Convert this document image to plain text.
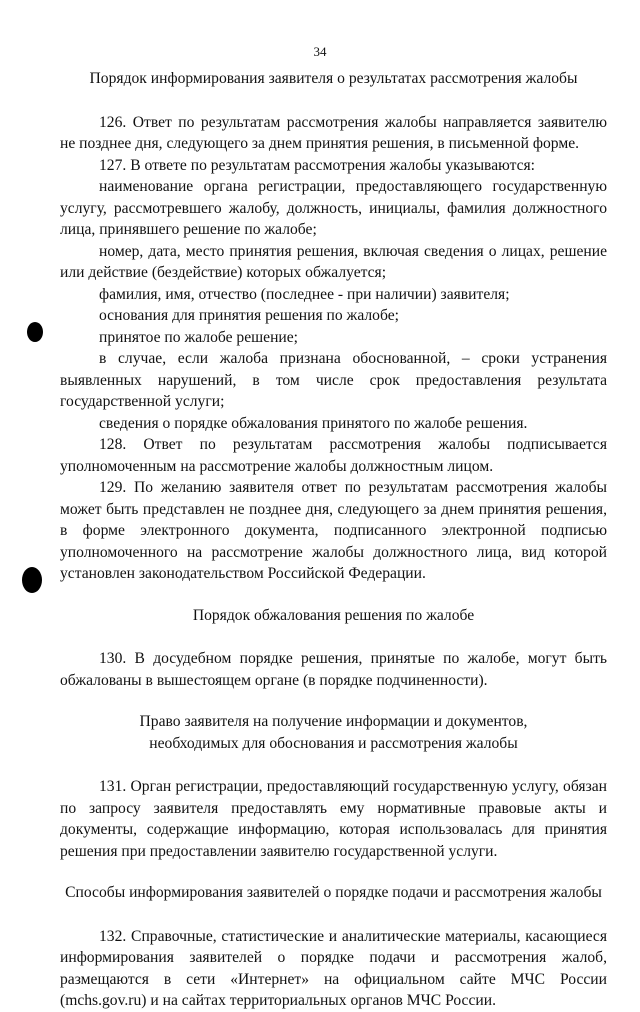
34

Порядок информирования заявителя о результатах рассмотрения жалобы

126. Ответ по результатам рассмотрения жалобы направляется заявителю не позднее дня, следующего за днем принятия решения, в письменной форме.

127. В ответе по результатам рассмотрения жалобы указываются:

наименование органа регистрации, предоставляющего государственную услугу, рассмотревшего жалобу, должность, инициалы, фамилия должностного лица, принявшего решение по жалобе;

номер, дата, место принятия решения, включая сведения о лицах, решение или действие (бездействие) которых обжалуется;

фамилия, имя, отчество (последнее - при наличии) заявителя;

основания для принятия решения по жалобе;

принятое по жалобе решение;

в случае, если жалоба признана обоснованной, – сроки устранения выявленных нарушений, в том числе срок предоставления результата государственной услуги;

сведения о порядке обжалования принятого по жалобе решения.

128. Ответ по результатам рассмотрения жалобы подписывается уполномоченным на рассмотрение жалобы должностным лицом.

129. По желанию заявителя ответ по результатам рассмотрения жалобы может быть представлен не позднее дня, следующего за днем принятия решения, в форме электронного документа, подписанного электронной подписью уполномоченного на рассмотрение жалобы должностного лица, вид которой установлен законодательством Российской Федерации.

Порядок обжалования решения по жалобе

130. В досудебном порядке решения, принятые по жалобе, могут быть обжалованы в вышестоящем органе (в порядке подчиненности).

Право заявителя на получение информации и документов,

необходимых для обоснования и рассмотрения жалобы

131. Орган регистрации, предоставляющий государственную услугу, обязан по запросу заявителя предоставлять ему нормативные правовые акты и документы, содержащие информацию, которая использовалась для принятия решения при предоставлении заявителю государственной услуги.

Способы информирования заявителей о порядке подачи и рассмотрения жалобы

132. Справочные, статистические и аналитические материалы, касающиеся информирования заявителей о порядке подачи и рассмотрения жалоб, размещаются в сети «Интернет» на официальном сайте МЧС России (mchs.gov.ru) и на сайтах территориальных органов МЧС России.
